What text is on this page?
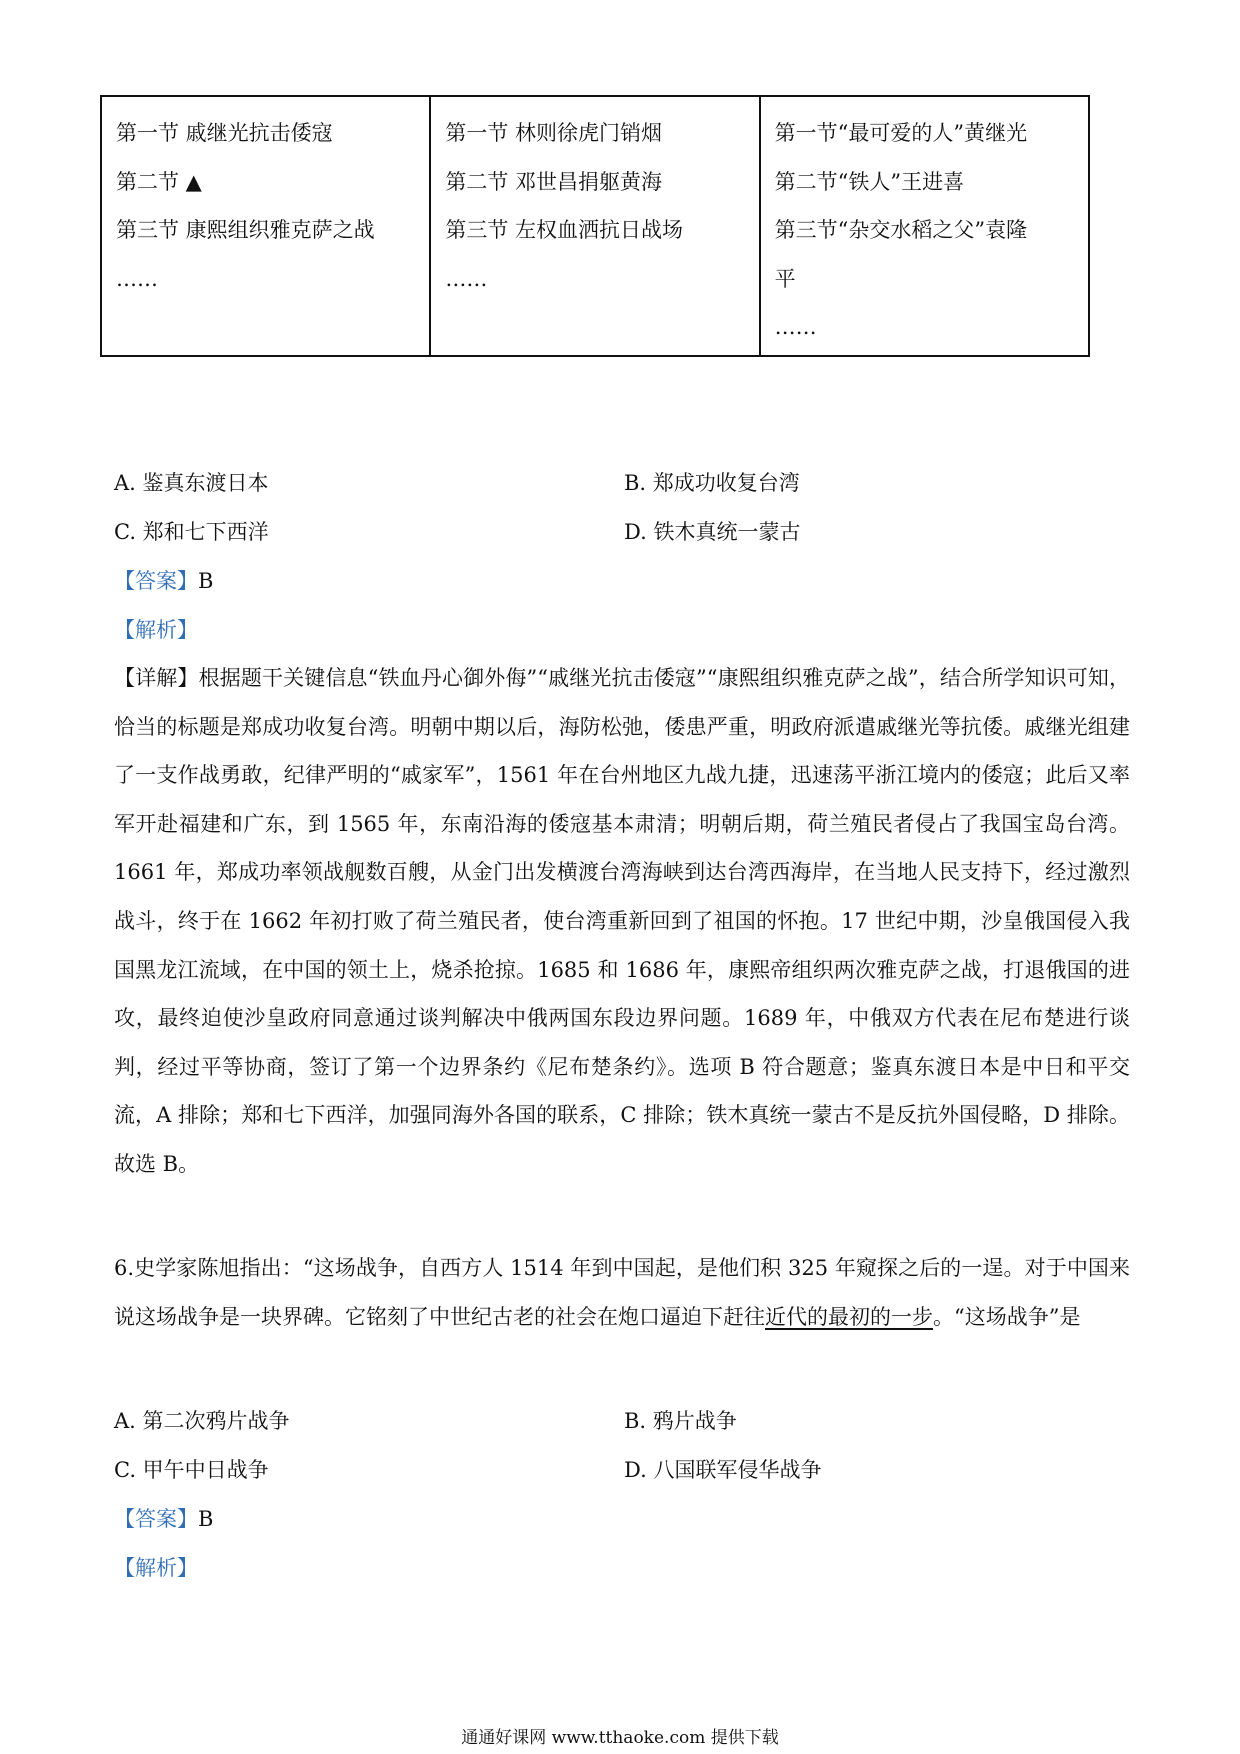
第一节 戚继光抗击倭寇
第二节 ▲
第三节 康熙组织雅克萨之战
……

第一节 林则徐虎门销烟
第二节 邓世昌捐躯黄海
第三节 左权血洒抗日战场
……

第一节“最可爱的人”黄继光
第二节“铁人”王进喜
第三节“杂交水稻之父”袁隆
平
……
A. 鉴真东渡日本	B. 郑成功收复台湾
C. 郑和七下西洋	D. 铁木真统一蒙古
【答案】B
【解析】
【详解】根据题干关键信息“铁血丹心御外侮”“戚继光抗击倭寇”“康熙组织雅克萨之战”，结合所学知识可知，恰当的标题是郑成功收复台湾。明朝中期以后，海防松弛，倭患严重，明政府派遣戚继光等抗倭。戚继光组建了一支作战勇敢，纪律严明的“戚家军”，1561 年在台州地区九战九捷，迅速荡平浙江境内的倭寇；此后又率军开赴福建和广东，到 1565 年，东南沿海的倭寇基本肃清；明朝后期，荷兰殖民者侵占了我国宝岛台湾。1661 年，郑成功率领战舰数百艘，从金门出发横渡台湾海峡到达台湾西海岸，在当地人民支持下，经过激烈战斗，终于在 1662 年初打败了荷兰殖民者，使台湾重新回到了祖国的怀抱。17 世纪中期，沙皇俄国侵入我国黑龙江流域，在中国的领土上，烧杀抢掠。1685 和 1686 年，康熙帝组织两次雅克萨之战，打退俄国的进攻，最终迫使沙皇政府同意通过谈判解决中俄两国东段边界问题。1689 年，中俄双方代表在尼布楚进行谈判，经过平等协商，签订了第一个边界条约《尼布楚条约》。选项 B 符合题意；鉴真东渡日本是中日和平交流，A 排除；郑和七下西洋，加强同海外各国的联系，C 排除；铁木真统一蒙古不是反抗外国侵略，D 排除。故选 B。
6.史学家陈旭指出：“这场战争，自西方人 1514 年到中国起，是他们积 325 年窥探之后的一逞。对于中国来说这场战争是一块界碑。它铭刻了中世纪古老的社会在炮口逼迫下赶往近代的最初的一步。“这场战争”是
A. 第二次鸦片战争	B. 鸦片战争
C. 甲午中日战争	D. 八国联军侵华战争
【答案】B
【解析】
通通好课网 www.tthaoke.com 提供下载
